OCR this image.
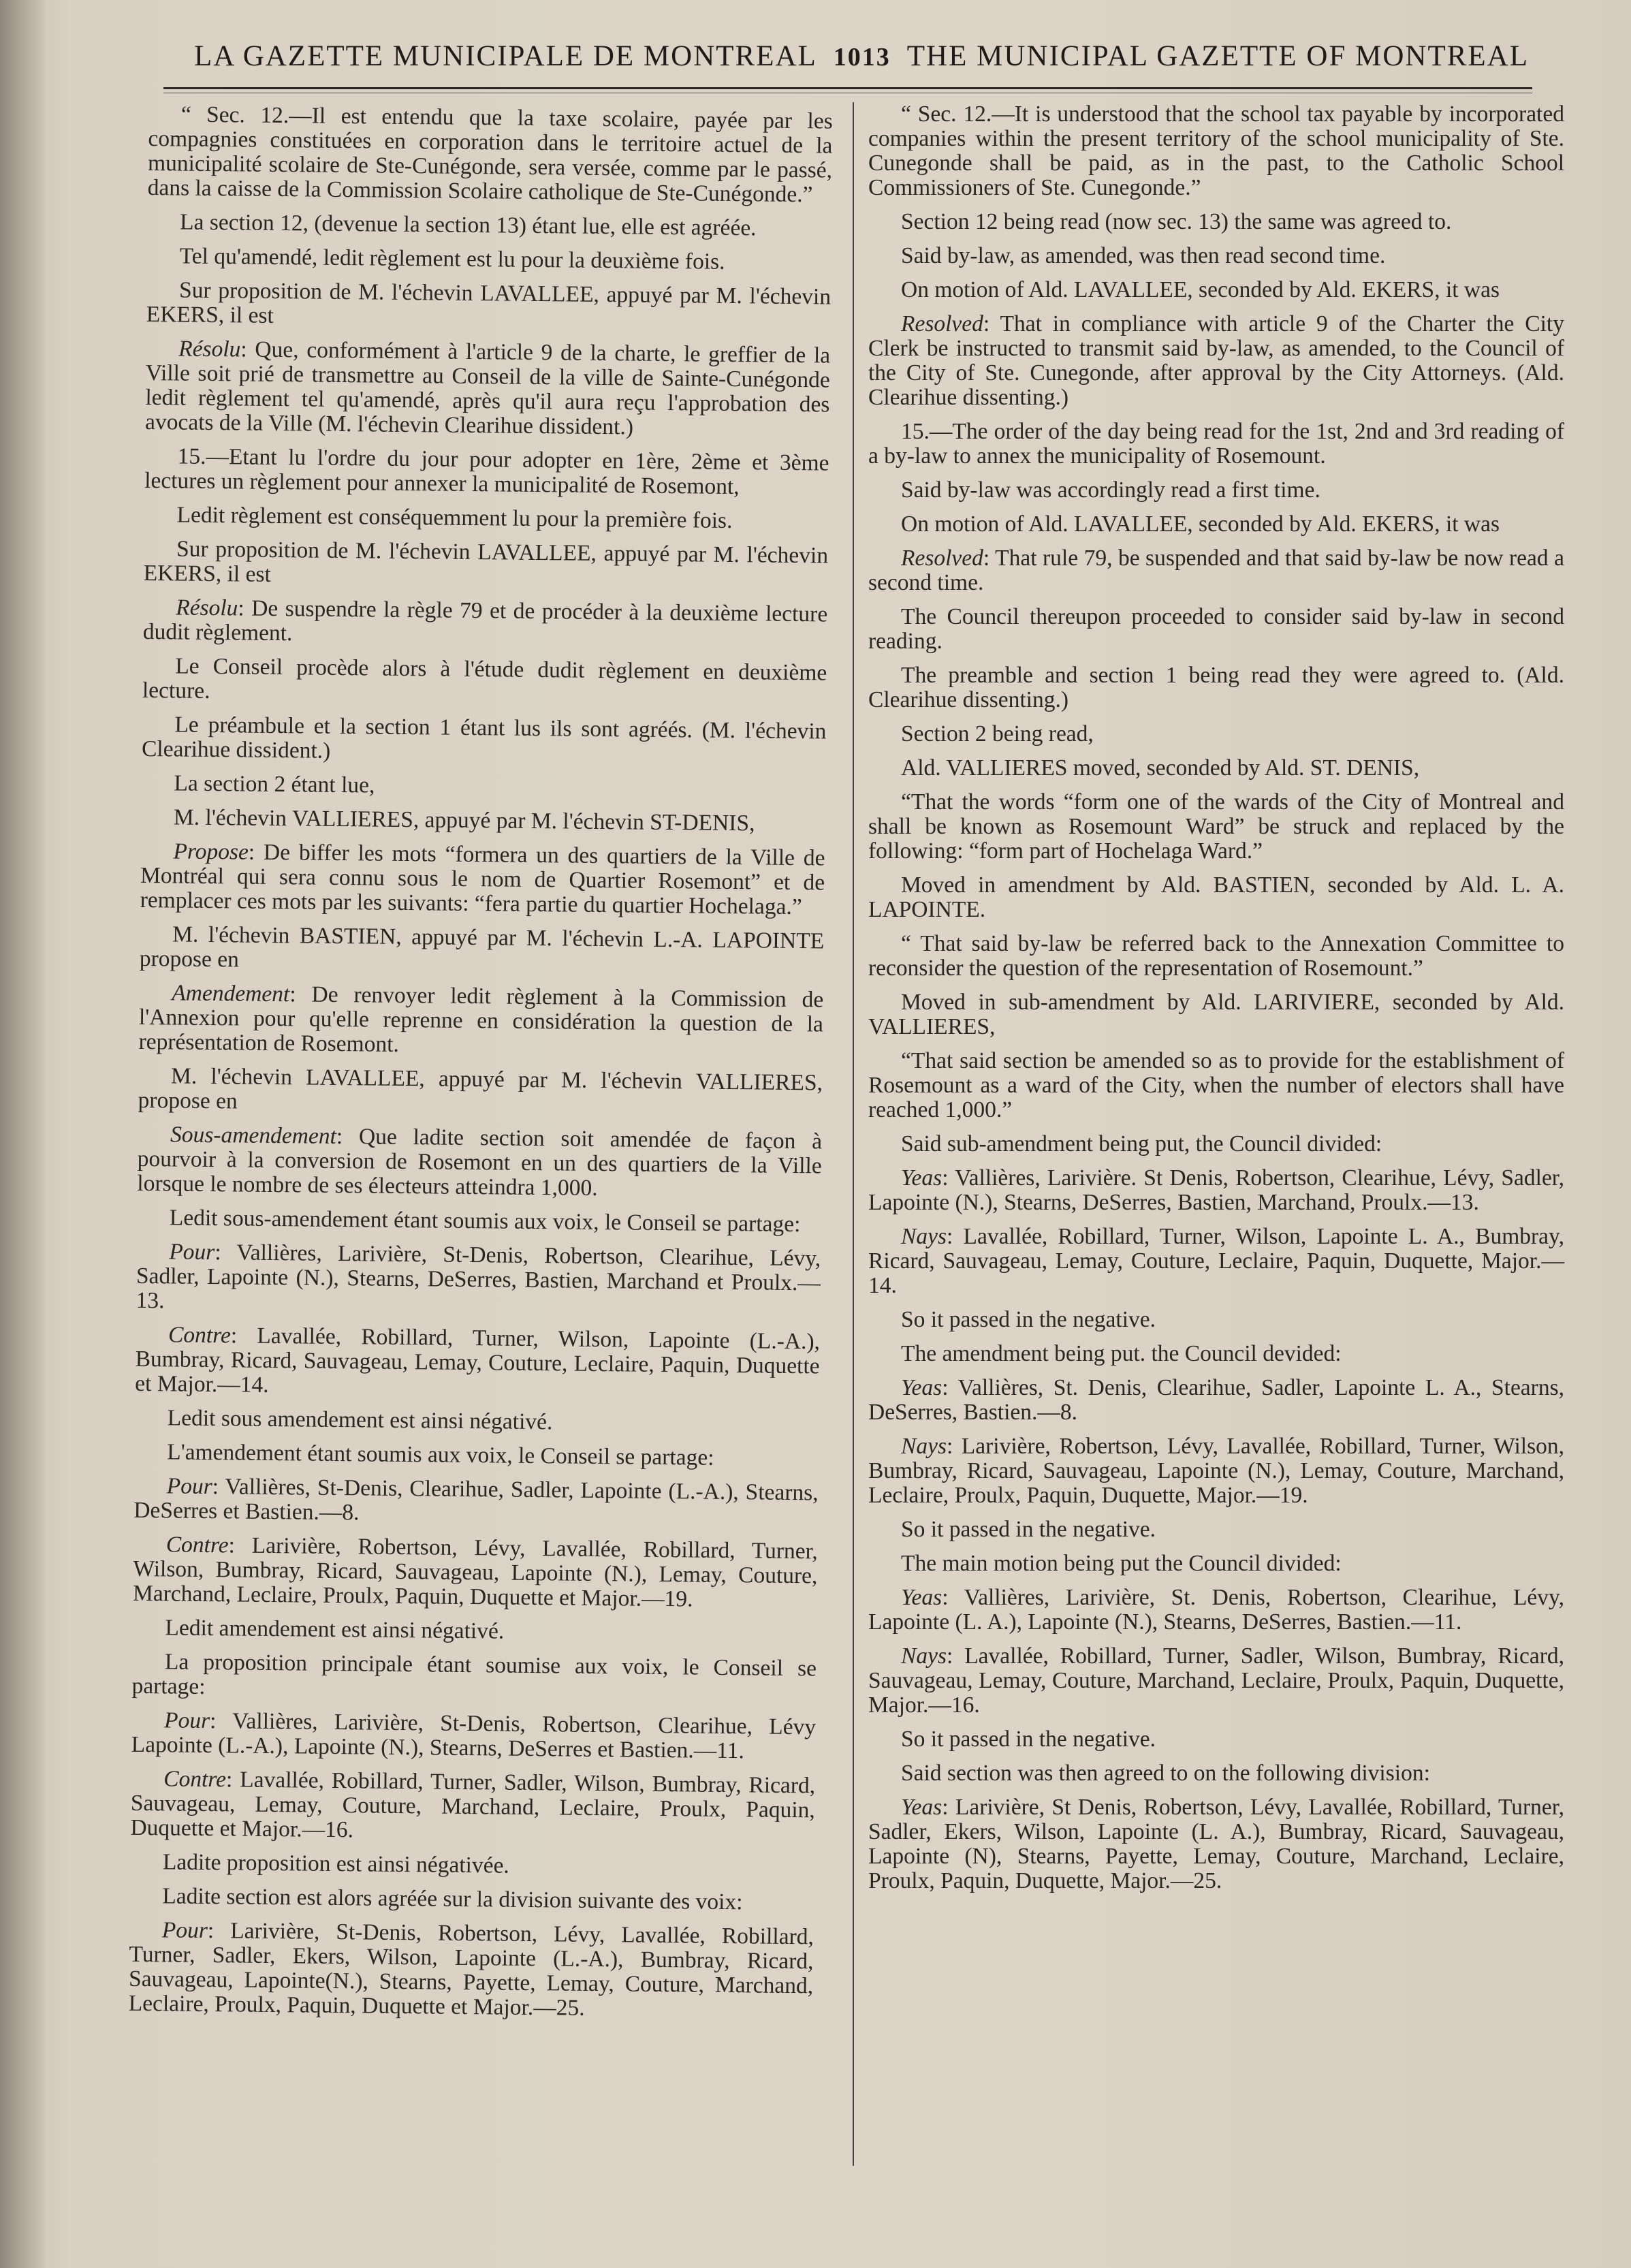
LA GAZETTE MUNICIPALE DE MONTREAL 1013 THE MUNICIPAL GAZETTE OF MONTREAL

“ Sec. 12.—Il est entendu que la taxe scolaire, payée par les compagnies constituées en corporation dans le territoire actuel de la municipalité scolaire de Ste-Cunégonde, sera versée, comme par le passé, dans la caisse de la Commission Scolaire catholique de Ste-Cunégonde.”

La section 12, (devenue la section 13) étant lue, elle est agréée.

Tel qu'amendé, ledit règlement est lu pour la deuxième fois.

Sur proposition de M. l'échevin LAVALLEE, appuyé par M. l'échevin EKERS, il est

Résolu: Que, conformément à l'article 9 de la charte, le greffier de la Ville soit prié de transmettre au Conseil de la ville de Sainte-Cunégonde ledit règlement tel qu'amendé, après qu'il aura reçu l'approbation des avocats de la Ville (M. l'échevin Clearihue dissident.)

15.—Etant lu l'ordre du jour pour adopter en 1ère, 2ème et 3ème lectures un règlement pour annexer la municipalité de Rosemont,

Ledit règlement est conséquemment lu pour la première fois.

Sur proposition de M. l'échevin LAVALLEE, appuyé par M. l'échevin EKERS, il est

Résolu: De suspendre la règle 79 et de procéder à la deuxième lecture dudit règlement.

Le Conseil procède alors à l'étude dudit règlement en deuxième lecture.

Le préambule et la section 1 étant lus ils sont agréés. (M. l'échevin Clearihue dissident.)

La section 2 étant lue,

M. l'échevin VALLIERES, appuyé par M. l'échevin ST-DENIS,

Propose: De biffer les mots “formera un des quartiers de la Ville de Montréal qui sera connu sous le nom de Quartier Rosemont” et de remplacer ces mots par les suivants: “fera partie du quartier Hochelaga.”

M. l'échevin BASTIEN, appuyé par M. l'échevin L.-A. LAPOINTE propose en

Amendement: De renvoyer ledit règlement à la Commission de l'Annexion pour qu'elle reprenne en considération la question de la représentation de Rosemont.

M. l'échevin LAVALLEE, appuyé par M. l'échevin VALLIERES, propose en

Sous-amendement: Que ladite section soit amendée de façon à pourvoir à la conversion de Rosemont en un des quartiers de la Ville lorsque le nombre de ses électeurs atteindra 1,000.

Ledit sous-amendement étant soumis aux voix, le Conseil se partage:

Pour: Vallières, Larivière, St-Denis, Robertson, Clearihue, Lévy, Sadler, Lapointe (N.), Stearns, DeSerres, Bastien, Marchand et Proulx.—13.

Contre: Lavallée, Robillard, Turner, Wilson, Lapointe (L.-A.), Bumbray, Ricard, Sauvageau, Lemay, Couture, Leclaire, Paquin, Duquette et Major.—14.

Ledit sous amendement est ainsi négativé.

L'amendement étant soumis aux voix, le Conseil se partage:

Pour: Vallières, St-Denis, Clearihue, Sadler, Lapointe (L.-A.), Stearns, DeSerres et Bastien.—8.

Contre: Larivière, Robertson, Lévy, Lavallée, Robillard, Turner, Wilson, Bumbray, Ricard, Sauvageau, Lapointe (N.), Lemay, Couture, Marchand, Leclaire, Proulx, Paquin, Duquette et Major.—19.

Ledit amendement est ainsi négativé.

La proposition principale étant soumise aux voix, le Conseil se partage:

Pour: Vallières, Larivière, St-Denis, Robertson, Clearihue, Lévy Lapointe (L.-A.), Lapointe (N.), Stearns, DeSerres et Bastien.—11.

Contre: Lavallée, Robillard, Turner, Sadler, Wilson, Bumbray, Ricard, Sauvageau, Lemay, Couture, Marchand, Leclaire, Proulx, Paquin, Duquette et Major.—16.

Ladite proposition est ainsi négativée.

Ladite section est alors agréée sur la division suivante des voix:

Pour: Larivière, St-Denis, Robertson, Lévy, Lavallée, Robillard, Turner, Sadler, Ekers, Wilson, Lapointe (L.-A.), Bumbray, Ricard, Sauvageau, Lapointe(N.), Stearns, Payette, Lemay, Couture, Marchand, Leclaire, Proulx, Paquin, Duquette et Major.—25.

“ Sec. 12.—It is understood that the school tax payable by incorporated companies within the present territory of the school municipality of Ste. Cunegonde shall be paid, as in the past, to the Catholic School Commissioners of Ste. Cunegonde.”

Section 12 being read (now sec. 13) the same was agreed to.

Said by-law, as amended, was then read second time.

On motion of Ald. LAVALLEE, seconded by Ald. EKERS, it was

Resolved: That in compliance with article 9 of the Charter the City Clerk be instructed to transmit said by-law, as amended, to the Council of the City of Ste. Cunegonde, after approval by the City Attorneys. (Ald. Clearihue dissenting.)

15.—The order of the day being read for the 1st, 2nd and 3rd reading of a by-law to annex the municipality of Rosemount.

Said by-law was accordingly read a first time.

On motion of Ald. LAVALLEE, seconded by Ald. EKERS, it was

Resolved: That rule 79, be suspended and that said by-law be now read a second time.

The Council thereupon proceeded to consider said by-law in second reading.

The preamble and section 1 being read they were agreed to. (Ald. Clearihue dissenting.)

Section 2 being read,

Ald. VALLIERES moved, seconded by Ald. ST. DENIS,

“That the words “form one of the wards of the City of Montreal and shall be known as Rosemount Ward” be struck and replaced by the following: “form part of Hochelaga Ward.”

Moved in amendment by Ald. BASTIEN, seconded by Ald. L. A. LAPOINTE.

“ That said by-law be referred back to the Annexation Committee to reconsider the question of the representation of Rosemount.”

Moved in sub-amendment by Ald. LARIVIERE, seconded by Ald. VALLIERES,

“That said section be amended so as to provide for the establishment of Rosemount as a ward of the City, when the number of electors shall have reached 1,000.”

Said sub-amendment being put, the Council divided:

Yeas: Vallières, Larivière. St Denis, Robertson, Clearihue, Lévy, Sadler, Lapointe (N.), Stearns, DeSerres, Bastien, Marchand, Proulx.—13.

Nays: Lavallée, Robillard, Turner, Wilson, Lapointe L. A., Bumbray, Ricard, Sauvageau, Lemay, Couture, Leclaire, Paquin, Duquette, Major.—14.

So it passed in the negative.

The amendment being put. the Council devided:

Yeas: Vallières, St. Denis, Clearihue, Sadler, Lapointe L. A., Stearns, DeSerres, Bastien.—8.

Nays: Larivière, Robertson, Lévy, Lavallée, Robillard, Turner, Wilson, Bumbray, Ricard, Sauvageau, Lapointe (N.), Lemay, Couture, Marchand, Leclaire, Proulx, Paquin, Duquette, Major.—19.

So it passed in the negative.

The main motion being put the Council divided:

Yeas: Vallières, Larivière, St. Denis, Robertson, Clearihue, Lévy, Lapointe (L. A.), Lapointe (N.), Stearns, DeSerres, Bastien.—11.

Nays: Lavallée, Robillard, Turner, Sadler, Wilson, Bumbray, Ricard, Sauvageau, Lemay, Couture, Marchand, Leclaire, Proulx, Paquin, Duquette, Major.—16.

So it passed in the negative.

Said section was then agreed to on the following division:

Yeas: Larivière, St Denis, Robertson, Lévy, Lavallée, Robillard, Turner, Sadler, Ekers, Wilson, Lapointe (L. A.), Bumbray, Ricard, Sauvageau, Lapointe (N), Stearns, Payette, Lemay, Couture, Marchand, Leclaire, Proulx, Paquin, Duquette, Major.—25.
